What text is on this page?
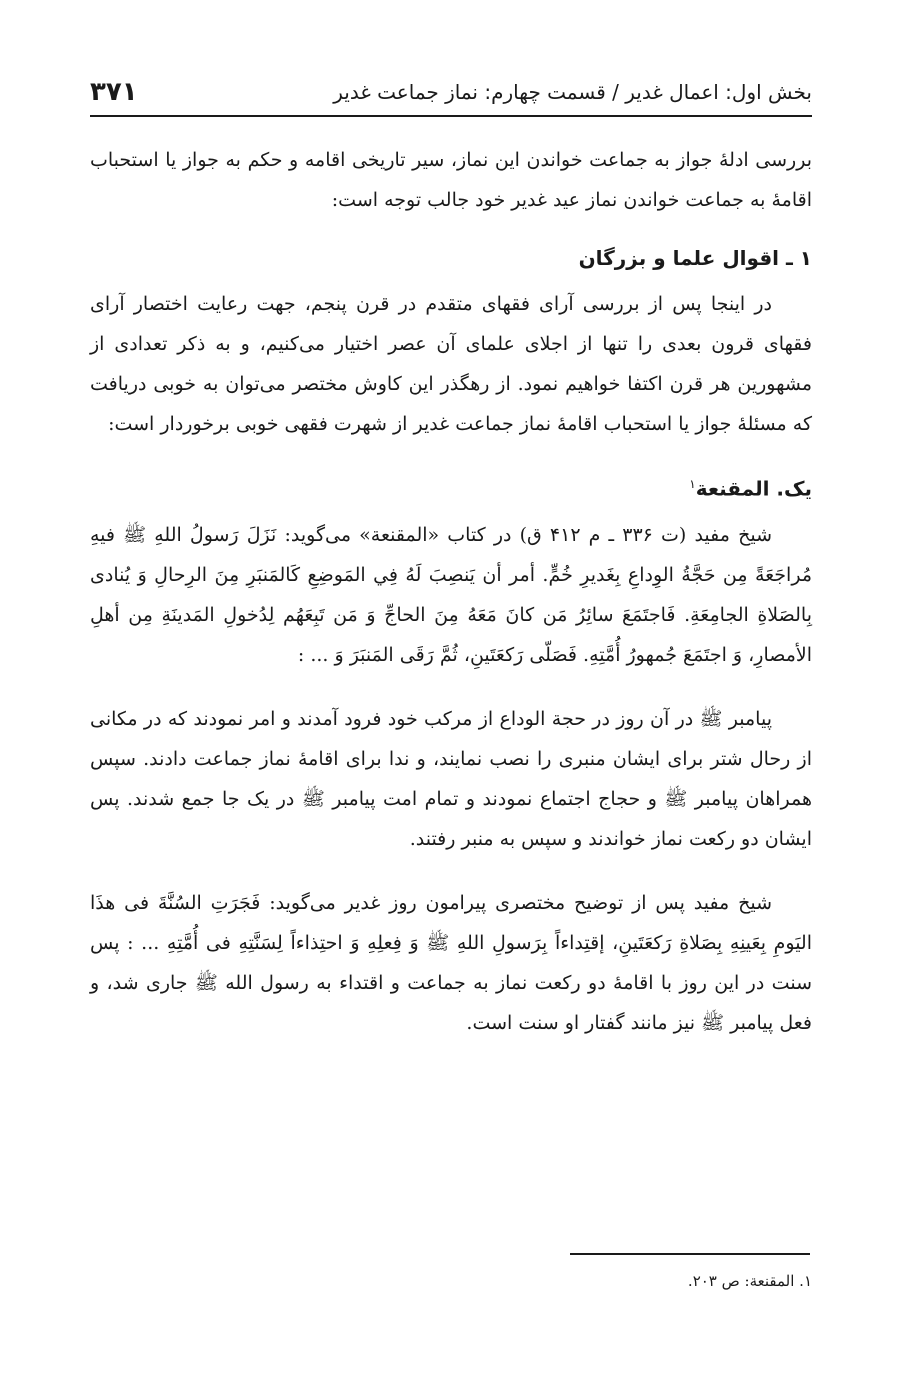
بخش اول: اعمال غدیر / قسمت چهارم: نماز جماعت غدیر
۳۷۱

بررسی ادلهٔ جواز به جماعت خواندن این نماز، سیر تاریخی اقامه و حکم به جواز یا استحباب اقامهٔ به جماعت خواندن نماز عید غدیر خود جالب توجه است:

۱ ـ اقوال علما و بزرگان

در اینجا پس از بررسی آرای فقهای متقدم در قرن پنجم، جهت رعایت اختصار آرای فقهای قرون بعدی را تنها از اجلای علمای آن عصر اختیار می‌کنیم، و به ذکر تعدادی از مشهورین هر قرن اکتفا خواهیم نمود. از رهگذر این کاوش مختصر می‌توان به خوبی دریافت که مسئلهٔ جواز یا استحباب اقامهٔ نماز جماعت غدیر از شهرت فقهی خوبی برخوردار است:

یک. المقنعة$^۱$

شیخ مفید (ت ۳۳۶ ـ م ۴۱۲ ق) در کتاب «المقنعة» می‌گوید: نَزَلَ رَسولُ اللهِ ﷺ فيهِ مُراجَعَةً مِن حَجَّةُ الوِداعِ بِغَديرِ خُمٍّ. أمر أن يَنصِبَ لَهُ فِي المَوضِعِ كَالمَنبَرِ مِنَ الرِحالِ وَ يُنادى بِالصَلاةِ الجامِعَةِ. فَاجتَمَعَ سائِرُ مَن كانَ مَعَهُ مِنَ الحاجِّ وَ مَن تَبِعَهُم لِدُخولِ المَدينَةِ مِن أهلِ الأمصارِ، وَ اجتَمَعَ جُمهورُ أُمَّتِهِ. فَصَلّى رَكعَتَينِ، ثُمَّ رَقَى المَنبَرَ وَ ... :

پیامبر ﷺ در آن روز در حجة الوداع از مرکب خود فرود آمدند و امر نمودند که در مکانی از رحال شتر برای ایشان منبری را نصب نمایند، و ندا برای اقامهٔ نماز جماعت دادند. سپس همراهان پیامبر ﷺ و حجاج اجتماع نمودند و تمام امت پیامبر ﷺ در یک جا جمع شدند. پس ایشان دو رکعت نماز خواندند و سپس به منبر رفتند.

شیخ مفید پس از توضیح مختصری پیرامون روز غدیر می‌گوید: فَجَرَتِ السُنَّةَ فى هذَا اليَومِ بِعَينِهِ بِصَلاةِ رَكعَتَينِ، إقتِداءاً بِرَسولِ اللهِ ﷺ وَ فِعلِهِ وَ احتِذاءاً لِسَنَّتِهِ فى أُمَّتِهِ ... : پس سنت در این روز با اقامهٔ دو رکعت نماز به جماعت و اقتداء به رسول الله ﷺ جاری شد، و فعل پیامبر ﷺ نیز مانند گفتار او سنت است.

۱. المقنعة: ص ۲۰۳.
